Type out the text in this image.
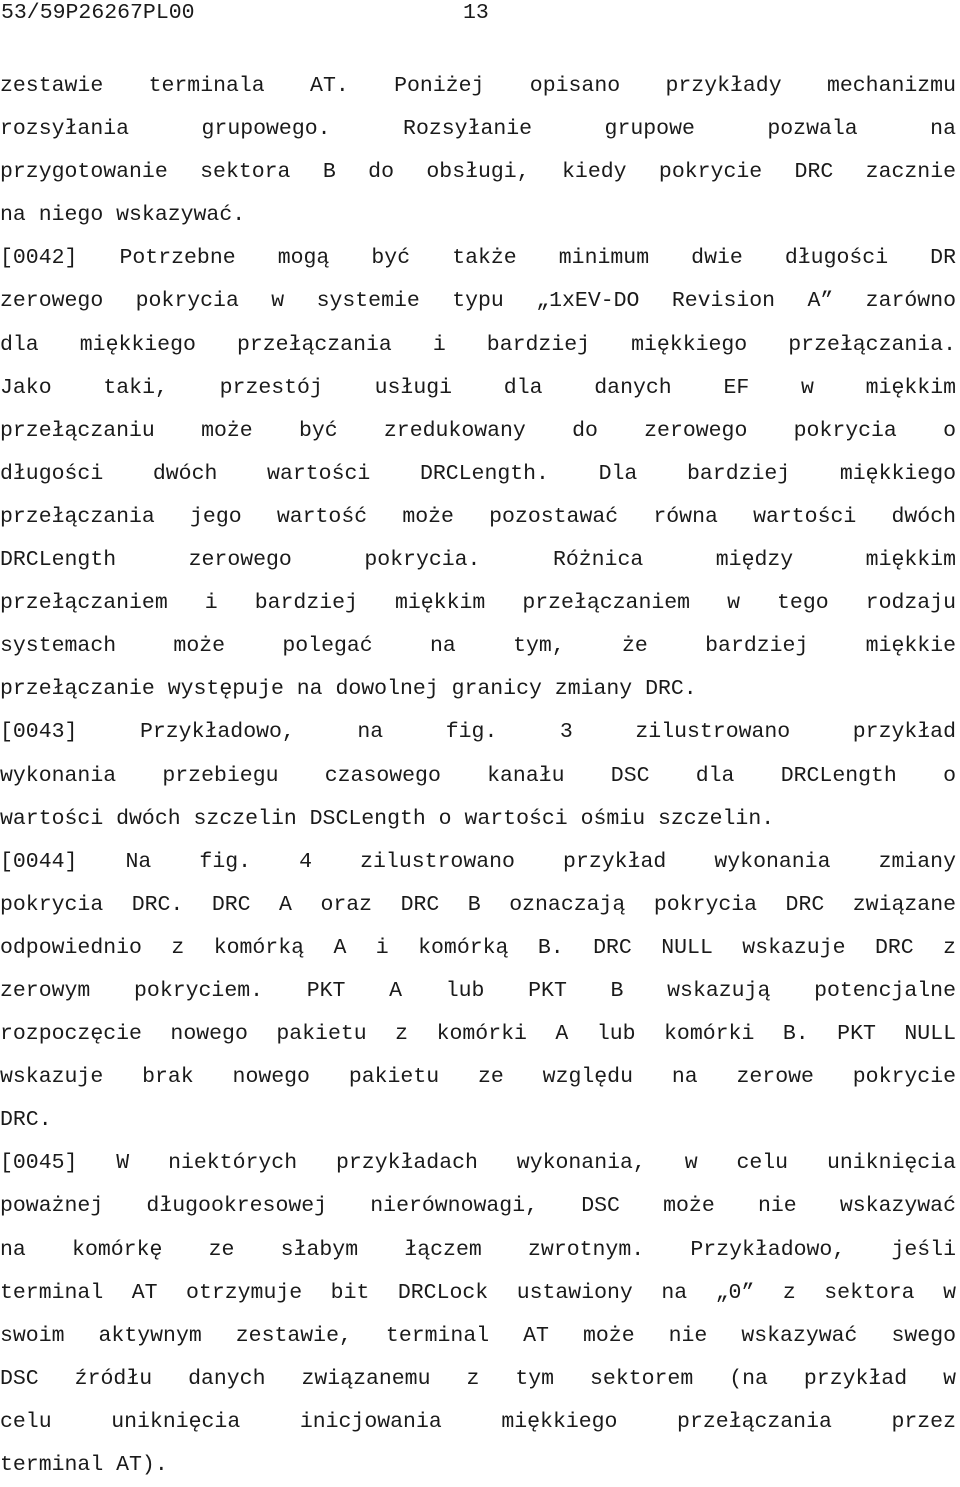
53/59P26267PL00	13
zestawie terminala AT. Poniżej opisano przykłady mechanizmu
rozsyłania grupowego. Rozsyłanie grupowe pozwala na
przygotowanie sektora B do obsługi, kiedy pokrycie DRC zacznie
na niego wskazywać.
[0042] Potrzebne mogą być także minimum dwie długości DR
zerowego pokrycia w systemie typu „1xEV-DO Revision A” zarówno
dla miękkiego przełączania i bardziej miękkiego przełączania.
Jako taki, przestój usługi dla danych EF w miękkim
przełączaniu może być zredukowany do zerowego pokrycia o
długości dwóch wartości DRCLength. Dla bardziej miękkiego
przełączania jego wartość może pozostawać równa wartości dwóch
DRCLength zerowego pokrycia. Różnica między miękkim
przełączaniem i bardziej miękkim przełączaniem w tego rodzaju
systemach może polegać na tym, że bardziej miękkie
przełączanie występuje na dowolnej granicy zmiany DRC.
[0043] Przykładowo, na fig. 3 zilustrowano przykład
wykonania przebiegu czasowego kanału DSC dla DRCLength o
wartości dwóch szczelin DSCLength o wartości ośmiu szczelin.
[0044] Na fig. 4 zilustrowano przykład wykonania zmiany
pokrycia DRC. DRC A oraz DRC B oznaczają pokrycia DRC związane
odpowiednio z komórką A i komórką B. DRC NULL wskazuje DRC z
zerowym pokryciem. PKT A lub PKT B wskazują potencjalne
rozpoczęcie nowego pakietu z komórki A lub komórki B. PKT NULL
wskazuje brak nowego pakietu ze względu na zerowe pokrycie
DRC.
[0045] W niektórych przykładach wykonania, w celu uniknięcia
poważnej długookresowej nierównowagi, DSC może nie wskazywać
na komórkę ze słabym łączem zwrotnym. Przykładowo, jeśli
terminal AT otrzymuje bit DRCLock ustawiony na „0” z sektora w
swoim aktywnym zestawie, terminal AT może nie wskazywać swego
DSC źródłu danych związanemu z tym sektorem (na przykład w
celu uniknięcia inicjowania miękkiego przełączania przez
terminal AT).
